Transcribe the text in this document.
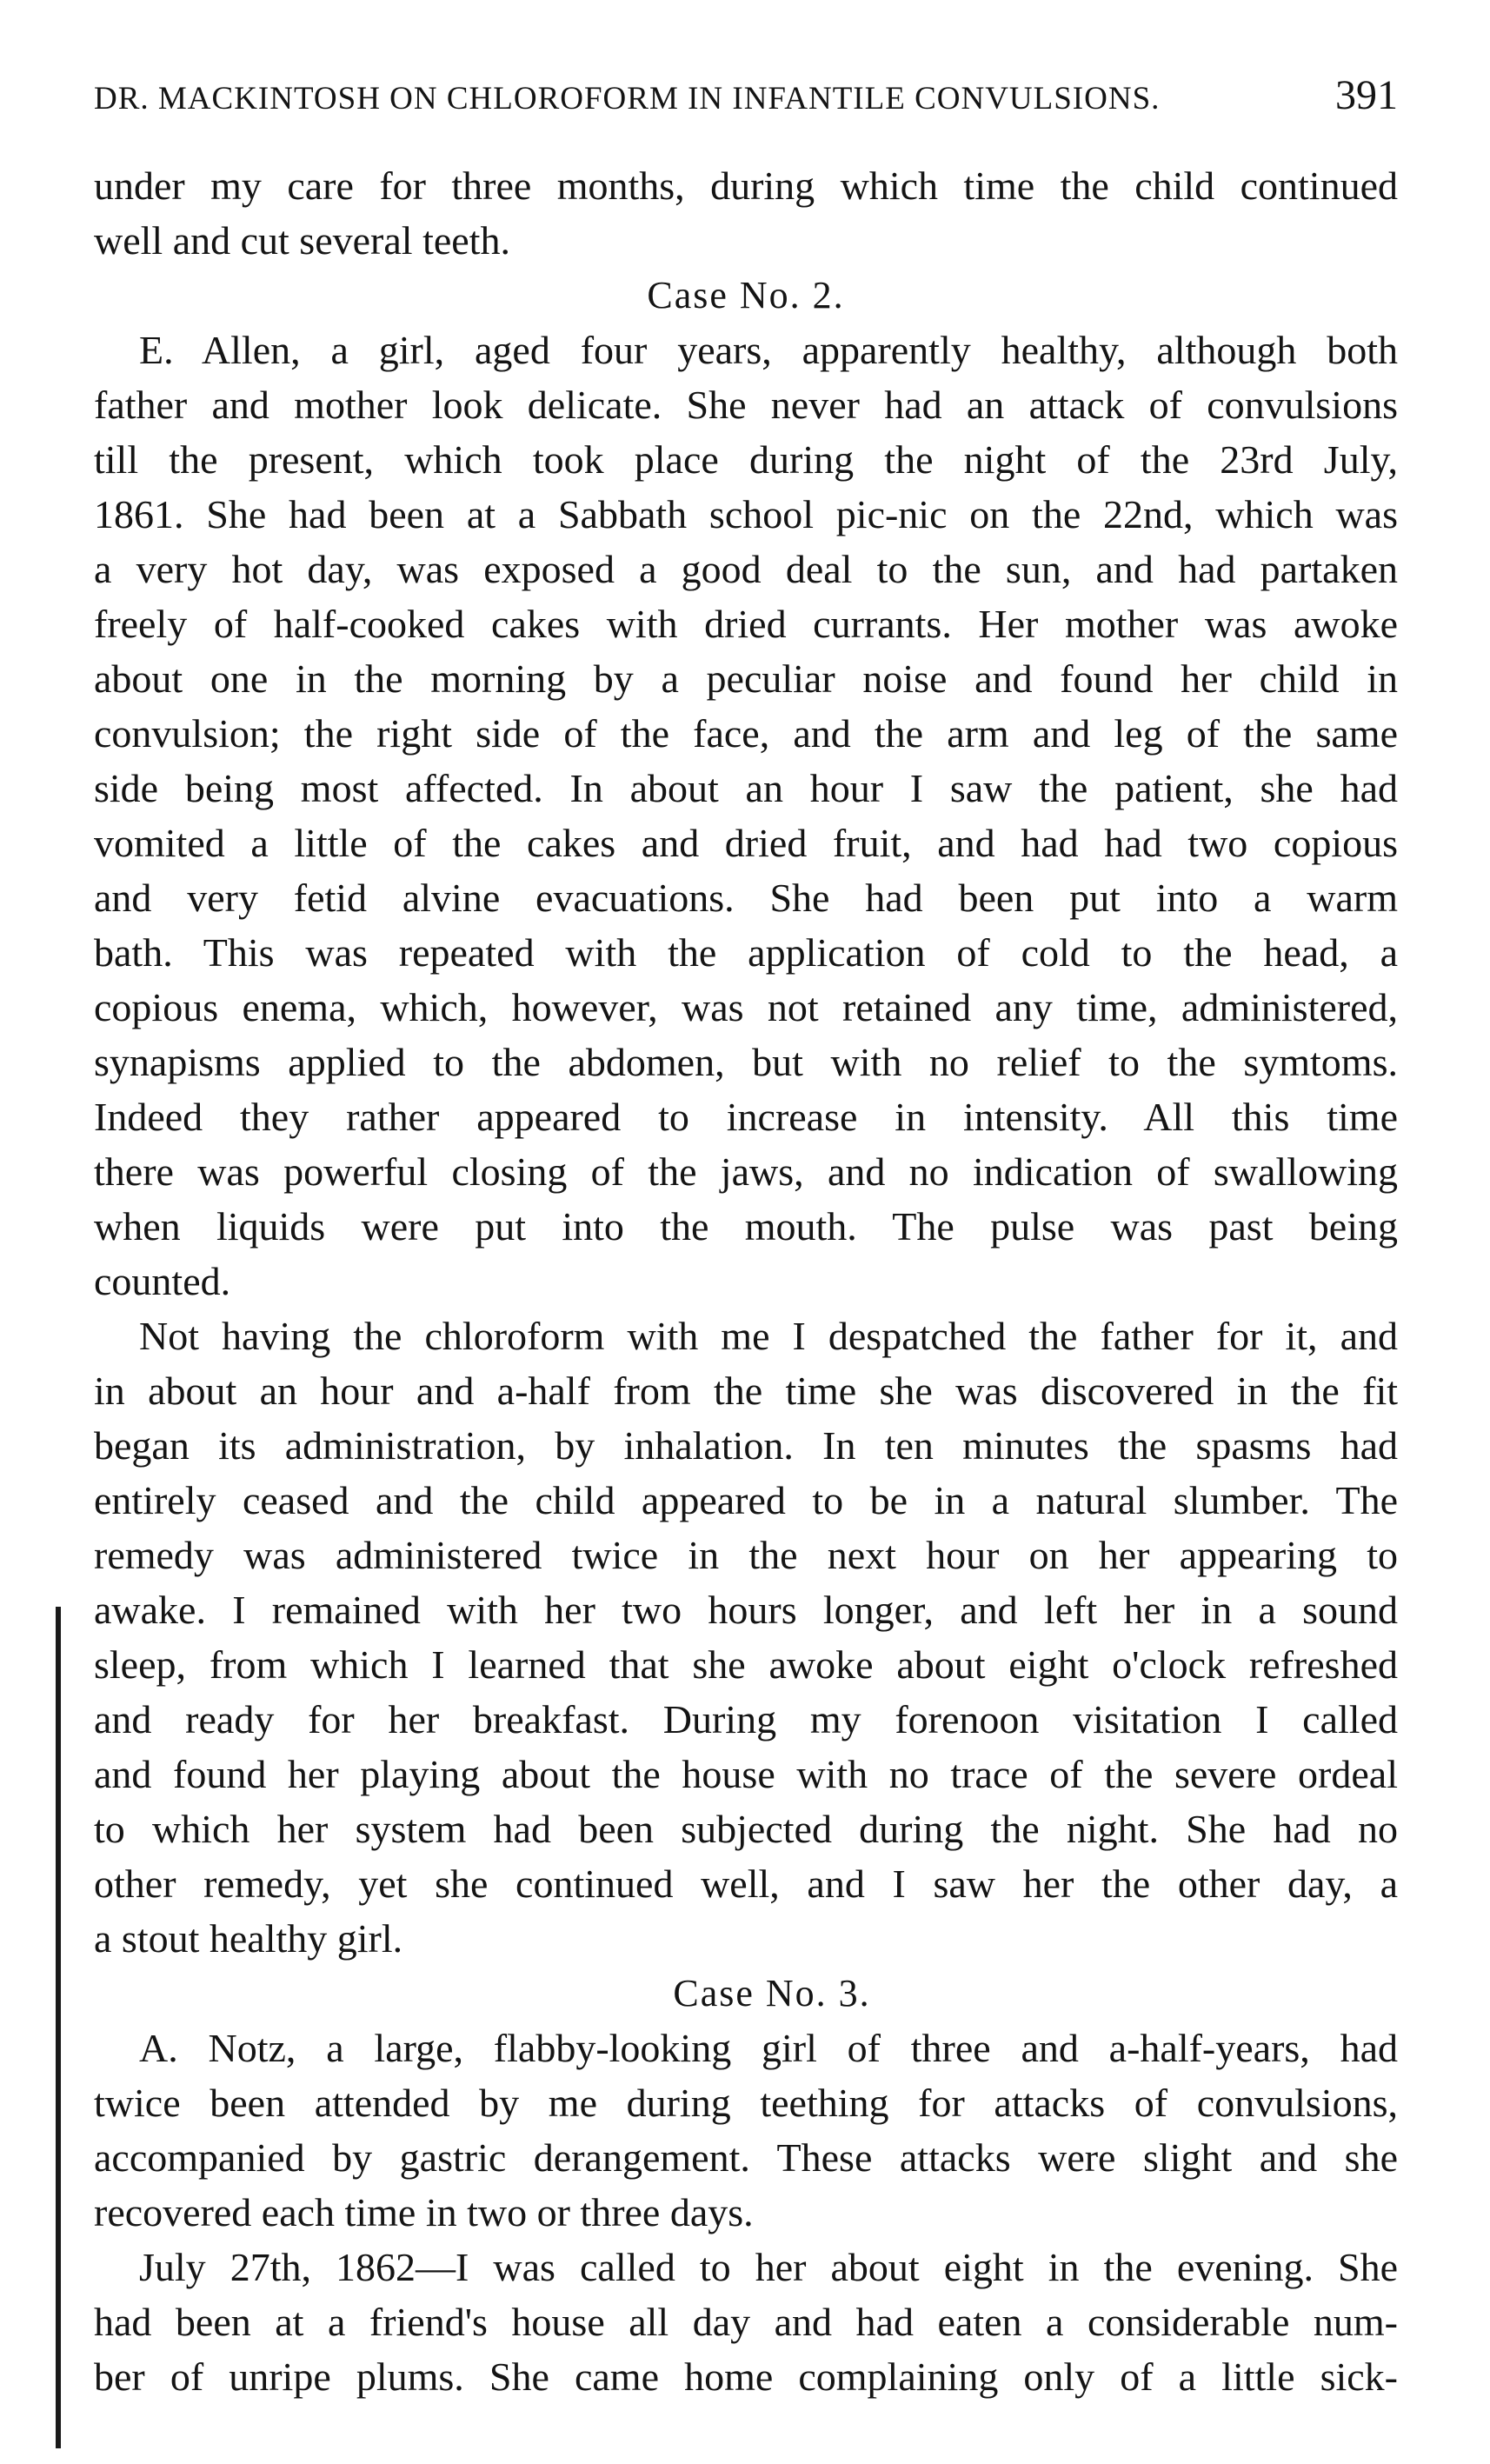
DR. MACKINTOSH ON CHLOROFORM IN INFANTILE CONVULSIONS.	391
under my care for three months, during which time the child continued
well and cut several teeth.
Case No. 2.
E. Allen, a girl, aged four years, apparently healthy, although both
father and mother look delicate. She never had an attack of convulsions
till the present, which took place during the night of the 23rd July,
1861. She had been at a Sabbath school pic-nic on the 22nd, which was
a very hot day, was exposed a good deal to the sun, and had partaken
freely of half-cooked cakes with dried currants. Her mother was awoke
about one in the morning by a peculiar noise and found her child in
convulsion; the right side of the face, and the arm and leg of the same
side being most affected. In about an hour I saw the patient, she had
vomited a little of the cakes and dried fruit, and had had two copious
and very fetid alvine evacuations. She had been put into a warm
bath. This was repeated with the application of cold to the head, a
copious enema, which, however, was not retained any time, administered,
synapisms applied to the abdomen, but with no relief to the symtoms.
Indeed they rather appeared to increase in intensity. All this time
there was powerful closing of the jaws, and no indication of swallowing
when liquids were put into the mouth. The pulse was past being
counted.
Not having the chloroform with me I despatched the father for it, and
in about an hour and a-half from the time she was discovered in the fit
began its administration, by inhalation. In ten minutes the spasms had
entirely ceased and the child appeared to be in a natural slumber. The
remedy was administered twice in the next hour on her appearing to
awake. I remained with her two hours longer, and left her in a sound
sleep, from which I learned that she awoke about eight o'clock refreshed
and ready for her breakfast. During my forenoon visitation I called
and found her playing about the house with no trace of the severe ordeal
to which her system had been subjected during the night. She had no
other remedy, yet she continued well, and I saw her the other day, a
a stout healthy girl.
Case No. 3.
A. Notz, a large, flabby-looking girl of three and a-half-years, had
twice been attended by me during teething for attacks of convulsions,
accompanied by gastric derangement. These attacks were slight and she
recovered each time in two or three days.
July 27th, 1862—I was called to her about eight in the evening. She
had been at a friend's house all day and had eaten a considerable num-
ber of unripe plums. She came home complaining only of a little sick-
